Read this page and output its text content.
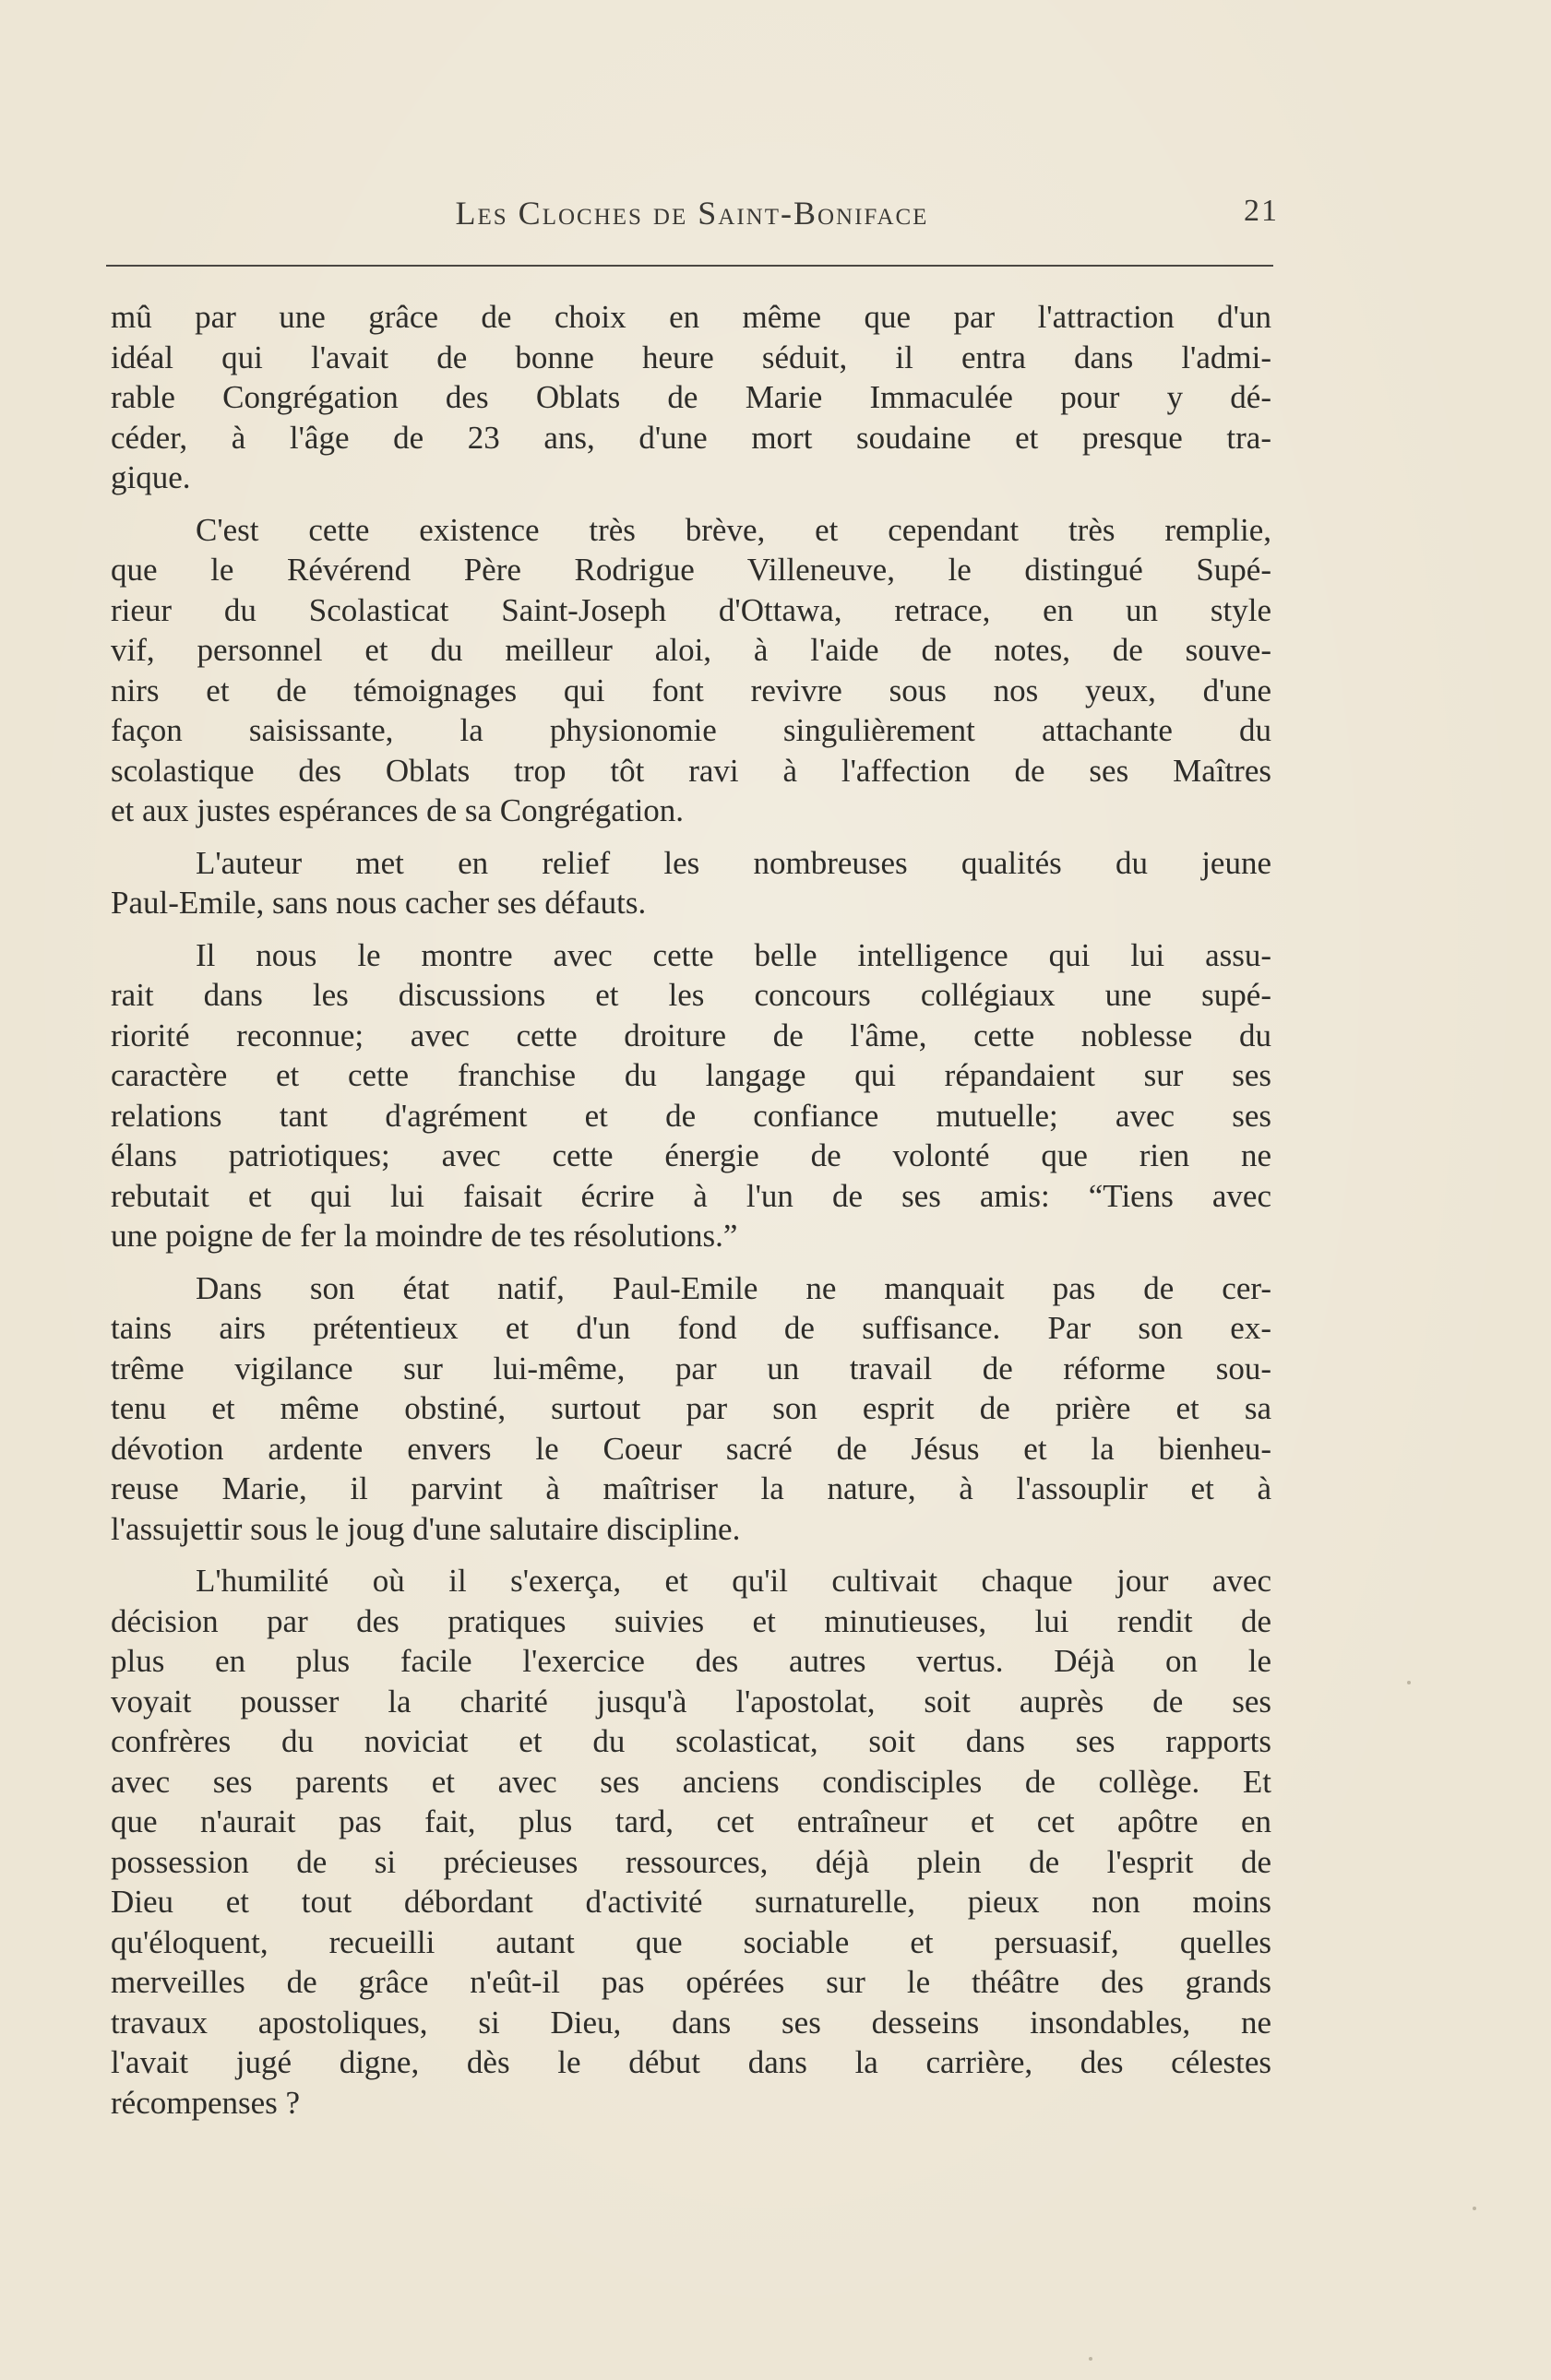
Les Cloches de Saint-Boniface	21
mû par une grâce de choix en même que par l'attraction d'un
idéal qui l'avait de bonne heure séduit, il entra dans l'admi-
rable Congrégation des Oblats de Marie Immaculée pour y dé-
céder, à l'âge de 23 ans, d'une mort soudaine et presque tra-
gique.
C'est cette existence très brève, et cependant très remplie,
que le Révérend Père Rodrigue Villeneuve, le distingué Supé-
rieur du Scolasticat Saint-Joseph d'Ottawa, retrace, en un style
vif, personnel et du meilleur aloi, à l'aide de notes, de souve-
nirs et de témoignages qui font revivre sous nos yeux, d'une
façon saisissante, la physionomie singulièrement attachante du
scolastique des Oblats trop tôt ravi à l'affection de ses Maîtres
et aux justes espérances de sa Congrégation.
L'auteur met en relief les nombreuses qualités du jeune
Paul-Emile, sans nous cacher ses défauts.
Il nous le montre avec cette belle intelligence qui lui assu-
rait dans les discussions et les concours collégiaux une supé-
riorité reconnue; avec cette droiture de l'âme, cette noblesse du
caractère et cette franchise du langage qui répandaient sur ses
relations tant d'agrément et de confiance mutuelle; avec ses
élans patriotiques; avec cette énergie de volonté que rien ne
rebutait et qui lui faisait écrire à l'un de ses amis: “Tiens avec
une poigne de fer la moindre de tes résolutions.”
Dans son état natif, Paul-Emile ne manquait pas de cer-
tains airs prétentieux et d'un fond de suffisance. Par son ex-
trême vigilance sur lui-même, par un travail de réforme sou-
tenu et même obstiné, surtout par son esprit de prière et sa
dévotion ardente envers le Coeur sacré de Jésus et la bienheu-
reuse Marie, il parvint à maîtriser la nature, à l'assouplir et à
l'assujettir sous le joug d'une salutaire discipline.
L'humilité où il s'exerça, et qu'il cultivait chaque jour avec
décision par des pratiques suivies et minutieuses, lui rendit de
plus en plus facile l'exercice des autres vertus. Déjà on le
voyait pousser la charité jusqu'à l'apostolat, soit auprès de ses
confrères du noviciat et du scolasticat, soit dans ses rapports
avec ses parents et avec ses anciens condisciples de collège. Et
que n'aurait pas fait, plus tard, cet entraîneur et cet apôtre en
possession de si précieuses ressources, déjà plein de l'esprit de
Dieu et tout débordant d'activité surnaturelle, pieux non moins
qu'éloquent, recueilli autant que sociable et persuasif, quelles
merveilles de grâce n'eût-il pas opérées sur le théâtre des grands
travaux apostoliques, si Dieu, dans ses desseins insondables, ne
l'avait jugé digne, dès le début dans la carrière, des célestes
récompenses ?
